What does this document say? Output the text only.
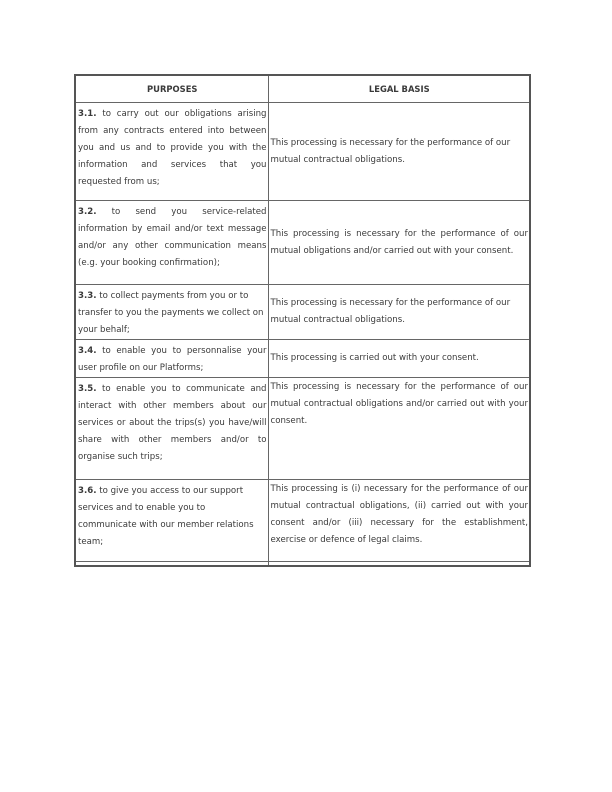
PURPOSES	LEGAL BASIS
3.1. to carry out our obligations arising from any contracts entered into between you and us and to provide you with the information and services that you requested from us;	This processing is necessary for the performance of our mutual contractual obligations.
3.2. to send you service-related information by email and/or text message and/or any other communication means (e.g. your booking confirmation);	This processing is necessary for the performance of our mutual obligations and/or carried out with your consent.
3.3. to collect payments from you or to transfer to you the payments we collect on your behalf;	This processing is necessary for the performance of our mutual contractual obligations.
3.4. to enable you to personnalise your user profile on our Platforms;	This processing is carried out with your consent.
3.5. to enable you to communicate and interact with other members about our services or about the trips(s) you have/will share with other members and/or to organise such trips;	This processing is necessary for the performance of our mutual contractual obligations and/or carried out with your consent.
3.6. to give you access to our support services and to enable you to communicate with our member relations team;	This processing is (i) necessary for the performance of our mutual contractual obligations, (ii) carried out with your consent and/or (iii) necessary for the establishment, exercise or defence of legal claims.
